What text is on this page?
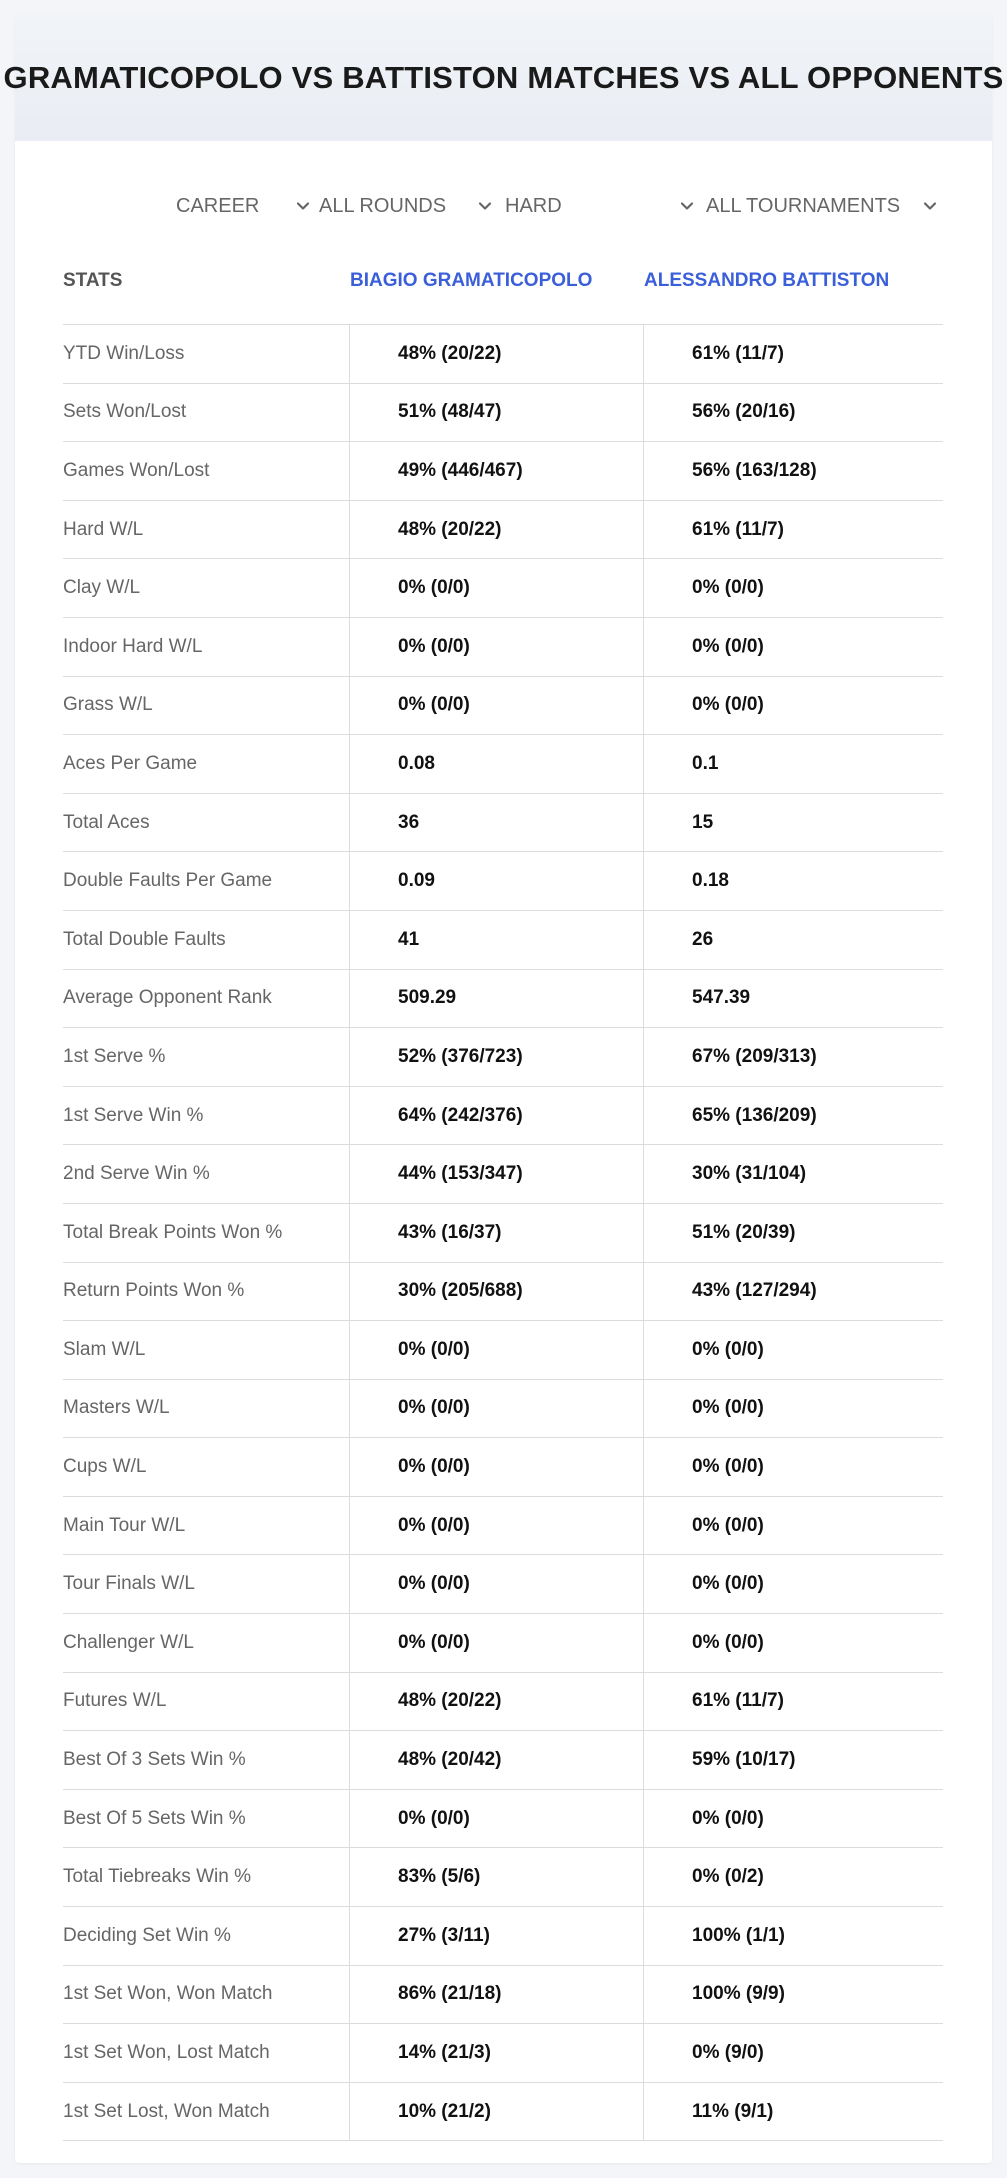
GRAMATICOPOLO VS BATTISTON MATCHES VS ALL OPPONENTS
CAREER	ALL ROUNDS	HARD	ALL TOURNAMENTS
STATS	BIAGIO GRAMATICOPOLO	ALESSANDRO BATTISTON
YTD Win/Loss	48% (20/22)	61% (11/7)
Sets Won/Lost	51% (48/47)	56% (20/16)
Games Won/Lost	49% (446/467)	56% (163/128)
Hard W/L	48% (20/22)	61% (11/7)
Clay W/L	0% (0/0)	0% (0/0)
Indoor Hard W/L	0% (0/0)	0% (0/0)
Grass W/L	0% (0/0)	0% (0/0)
Aces Per Game	0.08	0.1
Total Aces	36	15
Double Faults Per Game	0.09	0.18
Total Double Faults	41	26
Average Opponent Rank	509.29	547.39
1st Serve %	52% (376/723)	67% (209/313)
1st Serve Win %	64% (242/376)	65% (136/209)
2nd Serve Win %	44% (153/347)	30% (31/104)
Total Break Points Won %	43% (16/37)	51% (20/39)
Return Points Won %	30% (205/688)	43% (127/294)
Slam W/L	0% (0/0)	0% (0/0)
Masters W/L	0% (0/0)	0% (0/0)
Cups W/L	0% (0/0)	0% (0/0)
Main Tour W/L	0% (0/0)	0% (0/0)
Tour Finals W/L	0% (0/0)	0% (0/0)
Challenger W/L	0% (0/0)	0% (0/0)
Futures W/L	48% (20/22)	61% (11/7)
Best Of 3 Sets Win %	48% (20/42)	59% (10/17)
Best Of 5 Sets Win %	0% (0/0)	0% (0/0)
Total Tiebreaks Win %	83% (5/6)	0% (0/2)
Deciding Set Win %	27% (3/11)	100% (1/1)
1st Set Won, Won Match	86% (21/18)	100% (9/9)
1st Set Won, Lost Match	14% (21/3)	0% (9/0)
1st Set Lost, Won Match	10% (21/2)	11% (9/1)
